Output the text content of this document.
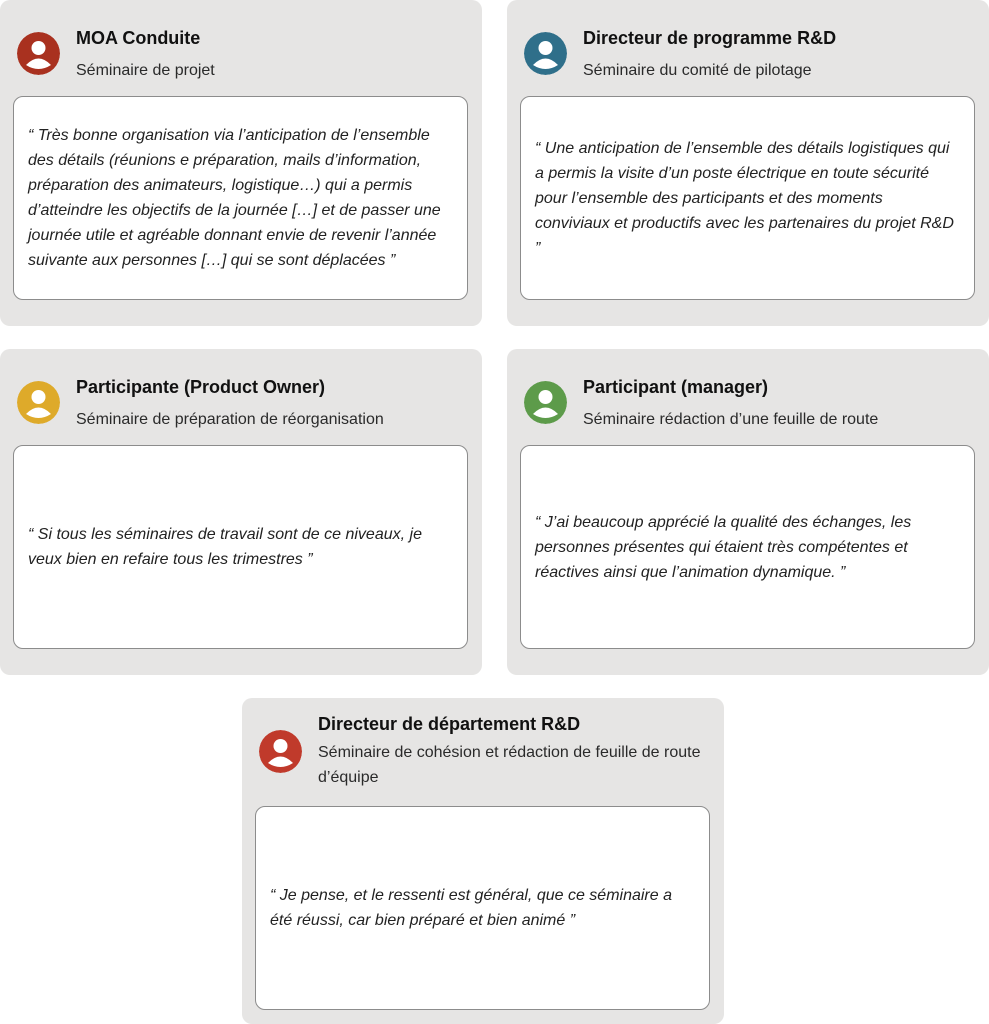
MOA Conduite
Séminaire de projet
“ Très bonne organisation via l’anticipation de l’ensemble des détails (réunions e préparation, mails d’information, préparation des animateurs, logistique…) qui a permis d’atteindre les objectifs de la journée […] et de passer une journée utile et agréable donnant envie de revenir l’année suivante aux personnes […] qui se sont déplacées ”
Directeur de programme R&D
Séminaire du comité de pilotage
“ Une anticipation de l’ensemble des détails logistiques qui a permis la visite d’un poste électrique en toute sécurité pour l’ensemble des participants et des moments conviviaux et productifs avec les partenaires du projet R&D ”
Participante (Product Owner)
Séminaire de préparation de réorganisation
“ Si tous les séminaires de travail sont de ce niveaux, je veux bien en refaire tous les trimestres ”
Participant (manager)
Séminaire rédaction d’une feuille de route
“ J’ai beaucoup apprécié la qualité des échanges, les personnes présentes qui étaient très compétentes et réactives ainsi que l’animation dynamique. ”
Directeur de département R&D
Séminaire de cohésion et rédaction de feuille de route d’équipe
“ Je pense, et le ressenti est général, que ce séminaire a été réussi, car bien préparé et bien animé ”
